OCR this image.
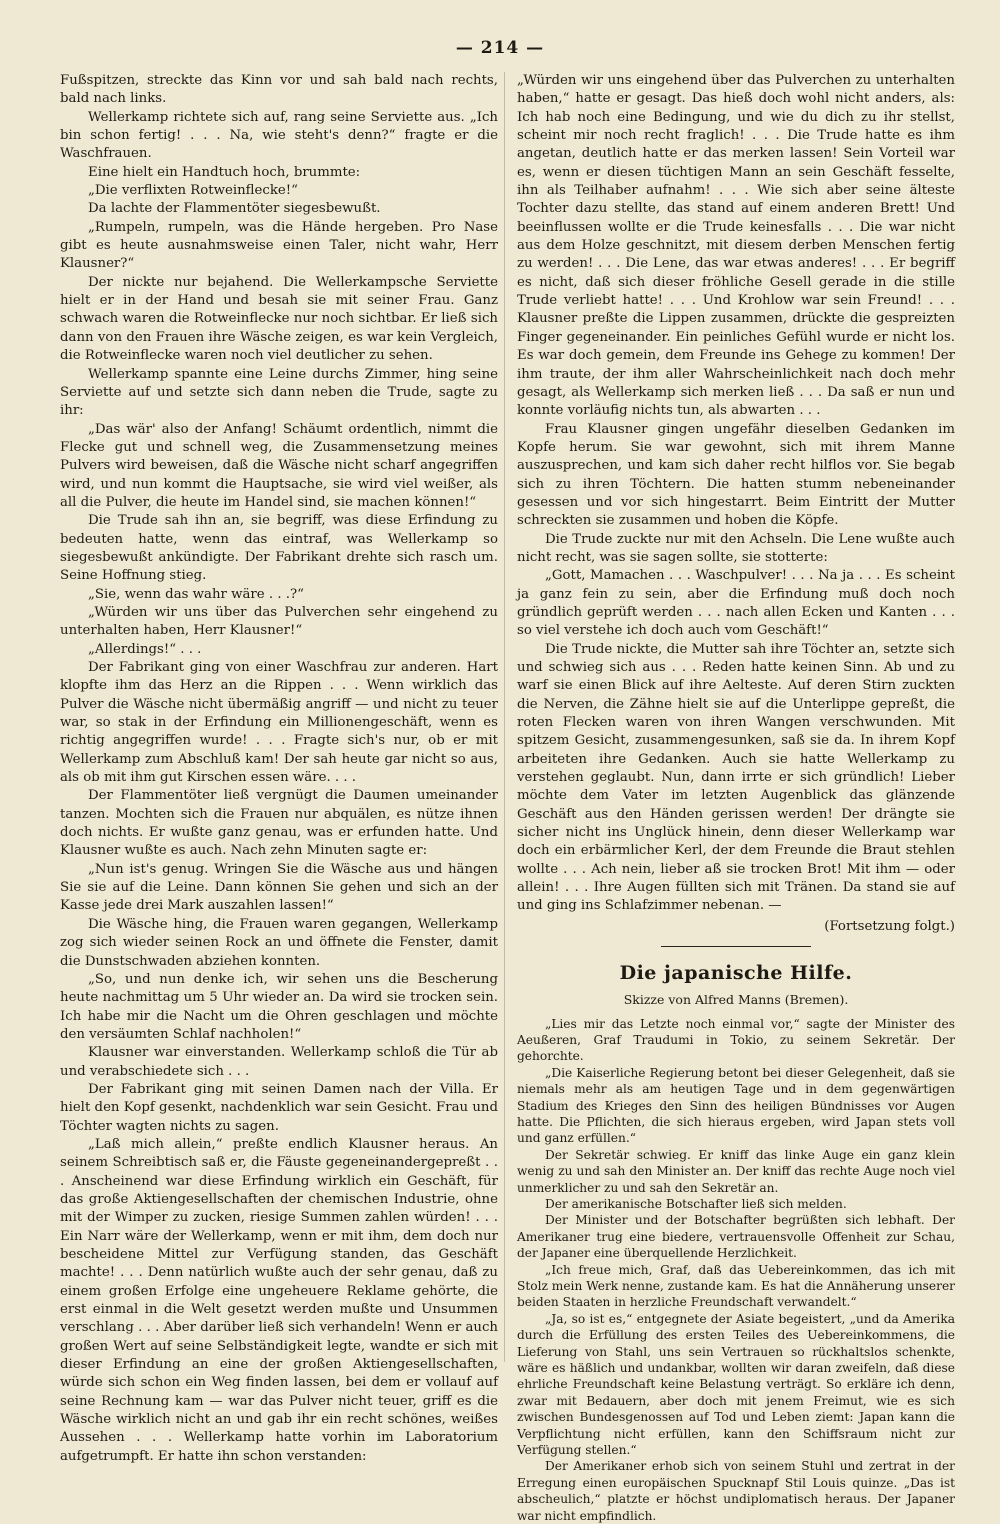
— 214 —

Fußspitzen, streckte das Kinn vor und sah bald nach rechts, bald nach links.

Wellerkamp richtete sich auf, rang seine Serviette aus. „Ich bin schon fertig! . . . Na, wie steht's denn?“ fragte er die Waschfrauen.

Eine hielt ein Handtuch hoch, brummte:

„Die verflixten Rotweinflecke!“

Da lachte der Flammentöter siegesbewußt.

„Rumpeln, rumpeln, was die Hände hergeben. Pro Nase gibt es heute ausnahmsweise einen Taler, nicht wahr, Herr Klausner?“

Der nickte nur bejahend. Die Wellerkampsche Serviette hielt er in der Hand und besah sie mit seiner Frau. Ganz schwach waren die Rotweinflecke nur noch sichtbar. Er ließ sich dann von den Frauen ihre Wäsche zeigen, es war kein Vergleich, die Rotweinflecke waren noch viel deutlicher zu sehen.

Wellerkamp spannte eine Leine durchs Zimmer, hing seine Serviette auf und setzte sich dann neben die Trude, sagte zu ihr:

„Das wär' also der Anfang! Schäumt ordentlich, nimmt die Flecke gut und schnell weg, die Zusammensetzung meines Pulvers wird beweisen, daß die Wäsche nicht scharf angegriffen wird, und nun kommt die Hauptsache, sie wird viel weißer, als all die Pulver, die heute im Handel sind, sie machen können!“

Die Trude sah ihn an, sie begriff, was diese Erfindung zu bedeuten hatte, wenn das eintraf, was Wellerkamp so siegesbewußt ankündigte. Der Fabrikant drehte sich rasch um. Seine Hoffnung stieg.

„Sie, wenn das wahr wäre . . .?“

„Würden wir uns über das Pulverchen sehr eingehend zu unterhalten haben, Herr Klausner!“

„Allerdings!“ . . .

Der Fabrikant ging von einer Waschfrau zur anderen. Hart klopfte ihm das Herz an die Rippen . . . Wenn wirklich das Pulver die Wäsche nicht übermäßig angriff — und nicht zu teuer war, so stak in der Erfindung ein Millionengeschäft, wenn es richtig angegriffen wurde! . . . Fragte sich's nur, ob er mit Wellerkamp zum Abschluß kam! Der sah heute gar nicht so aus, als ob mit ihm gut Kirschen essen wäre. . . .

Der Flammentöter ließ vergnügt die Daumen umeinander tanzen. Mochten sich die Frauen nur abquälen, es nütze ihnen doch nichts. Er wußte ganz genau, was er erfunden hatte. Und Klausner wußte es auch. Nach zehn Minuten sagte er:

„Nun ist's genug. Wringen Sie die Wäsche aus und hängen Sie sie auf die Leine. Dann können Sie gehen und sich an der Kasse jede drei Mark auszahlen lassen!“

Die Wäsche hing, die Frauen waren gegangen, Wellerkamp zog sich wieder seinen Rock an und öffnete die Fenster, damit die Dunstschwaden abziehen konnten.

„So, und nun denke ich, wir sehen uns die Bescherung heute nachmittag um 5 Uhr wieder an. Da wird sie trocken sein. Ich habe mir die Nacht um die Ohren geschlagen und möchte den versäumten Schlaf nachholen!“

Klausner war einverstanden. Wellerkamp schloß die Tür ab und verabschiedete sich . . .

Der Fabrikant ging mit seinen Damen nach der Villa. Er hielt den Kopf gesenkt, nachdenklich war sein Gesicht. Frau und Töchter wagten nichts zu sagen.

„Laß mich allein,“ preßte endlich Klausner heraus. An seinem Schreibtisch saß er, die Fäuste gegeneinandergepreßt . . . Anscheinend war diese Erfindung wirklich ein Geschäft, für das große Aktiengesellschaften der chemischen Industrie, ohne mit der Wimper zu zucken, riesige Summen zahlen würden! . . . Ein Narr wäre der Wellerkamp, wenn er mit ihm, dem doch nur bescheidene Mittel zur Verfügung standen, das Geschäft machte! . . . Denn natürlich wußte auch der sehr genau, daß zu einem großen Erfolge eine ungeheuere Reklame gehörte, die erst einmal in die Welt gesetzt werden mußte und Unsummen verschlang . . . Aber darüber ließ sich verhandeln! Wenn er auch großen Wert auf seine Selbständigkeit legte, wandte er sich mit dieser Erfindung an eine der großen Aktiengesellschaften, würde sich schon ein Weg finden lassen, bei dem er vollauf auf seine Rechnung kam — war das Pulver nicht teuer, griff es die Wäsche wirklich nicht an und gab ihr ein recht schönes, weißes Aussehen . . . Wellerkamp hatte vorhin im Laboratorium aufgetrumpft. Er hatte ihn schon verstanden:

„Würden wir uns eingehend über das Pulverchen zu unterhalten haben,“ hatte er gesagt. Das hieß doch wohl nicht anders, als: Ich hab noch eine Bedingung, und wie du dich zu ihr stellst, scheint mir noch recht fraglich! . . . Die Trude hatte es ihm angetan, deutlich hatte er das merken lassen! Sein Vorteil war es, wenn er diesen tüchtigen Mann an sein Geschäft fesselte, ihn als Teilhaber aufnahm! . . . Wie sich aber seine älteste Tochter dazu stellte, das stand auf einem anderen Brett! Und beeinflussen wollte er die Trude keinesfalls . . . Die war nicht aus dem Holze geschnitzt, mit diesem derben Menschen fertig zu werden! . . . Die Lene, das war etwas anderes! . . . Er begriff es nicht, daß sich dieser fröhliche Gesell gerade in die stille Trude verliebt hatte! . . . Und Krohlow war sein Freund! . . . Klausner preßte die Lippen zusammen, drückte die gespreizten Finger gegeneinander. Ein peinliches Gefühl wurde er nicht los. Es war doch gemein, dem Freunde ins Gehege zu kommen! Der ihm traute, der ihm aller Wahrscheinlichkeit nach doch mehr gesagt, als Wellerkamp sich merken ließ . . . Da saß er nun und konnte vorläufig nichts tun, als abwarten . . .

Frau Klausner gingen ungefähr dieselben Gedanken im Kopfe herum. Sie war gewohnt, sich mit ihrem Manne auszusprechen, und kam sich daher recht hilflos vor. Sie begab sich zu ihren Töchtern. Die hatten stumm nebeneinander gesessen und vor sich hingestarrt. Beim Eintritt der Mutter schreckten sie zusammen und hoben die Köpfe.

Die Trude zuckte nur mit den Achseln. Die Lene wußte auch nicht recht, was sie sagen sollte, sie stotterte:

„Gott, Mamachen . . . Waschpulver! . . . Na ja . . . Es scheint ja ganz fein zu sein, aber die Erfindung muß doch noch gründlich geprüft werden . . . nach allen Ecken und Kanten . . . so viel verstehe ich doch auch vom Geschäft!“

Die Trude nickte, die Mutter sah ihre Töchter an, setzte sich und schwieg sich aus . . . Reden hatte keinen Sinn. Ab und zu warf sie einen Blick auf ihre Aelteste. Auf deren Stirn zuckten die Nerven, die Zähne hielt sie auf die Unterlippe gepreßt, die roten Flecken waren von ihren Wangen verschwunden. Mit spitzem Gesicht, zusammengesunken, saß sie da. In ihrem Kopf arbeiteten ihre Gedanken. Auch sie hatte Wellerkamp zu verstehen geglaubt. Nun, dann irrte er sich gründlich! Lieber möchte dem Vater im letzten Augenblick das glänzende Geschäft aus den Händen gerissen werden! Der drängte sie sicher nicht ins Unglück hinein, denn dieser Wellerkamp war doch ein erbärmlicher Kerl, der dem Freunde die Braut stehlen wollte . . . Ach nein, lieber aß sie trocken Brot! Mit ihm — oder allein! . . . Ihre Augen füllten sich mit Tränen. Da stand sie auf und ging ins Schlafzimmer nebenan. —

(Fortsetzung folgt.)
Die japanische Hilfe.
Skizze von Alfred Manns (Bremen).

„Lies mir das Letzte noch einmal vor,“ sagte der Minister des Aeußeren, Graf Traudumi in Tokio, zu seinem Sekretär. Der gehorchte.

„Die Kaiserliche Regierung betont bei dieser Gelegenheit, daß sie niemals mehr als am heutigen Tage und in dem gegenwärtigen Stadium des Krieges den Sinn des heiligen Bündnisses vor Augen hatte. Die Pflichten, die sich hieraus ergeben, wird Japan stets voll und ganz erfüllen.“

Der Sekretär schwieg. Er kniff das linke Auge ein ganz klein wenig zu und sah den Minister an. Der kniff das rechte Auge noch viel unmerklicher zu und sah den Sekretär an.

Der amerikanische Botschafter ließ sich melden.

Der Minister und der Botschafter begrüßten sich lebhaft. Der Amerikaner trug eine biedere, vertrauensvolle Offenheit zur Schau, der Japaner eine überquellende Herzlichkeit.

„Ich freue mich, Graf, daß das Uebereinkommen, das ich mit Stolz mein Werk nenne, zustande kam. Es hat die Annäherung unserer beiden Staaten in herzliche Freundschaft verwandelt.“

„Ja, so ist es,“ entgegnete der Asiate begeistert, „und da Amerika durch die Erfüllung des ersten Teiles des Uebereinkommens, die Lieferung von Stahl, uns sein Vertrauen so rückhaltslos schenkte, wäre es häßlich und undankbar, wollten wir daran zweifeln, daß diese ehrliche Freundschaft keine Belastung verträgt. So erkläre ich denn, zwar mit Bedauern, aber doch mit jenem Freimut, wie es sich zwischen Bundesgenossen auf Tod und Leben ziemt: Japan kann die Verpflichtung nicht erfüllen, kann den Schiffsraum nicht zur Verfügung stellen.“

Der Amerikaner erhob sich von seinem Stuhl und zertrat in der Erregung einen europäischen Spucknapf Stil Louis quinze. „Das ist abscheulich,“ platzte er höchst undiplomatisch heraus. Der Japaner war nicht empfindlich.
